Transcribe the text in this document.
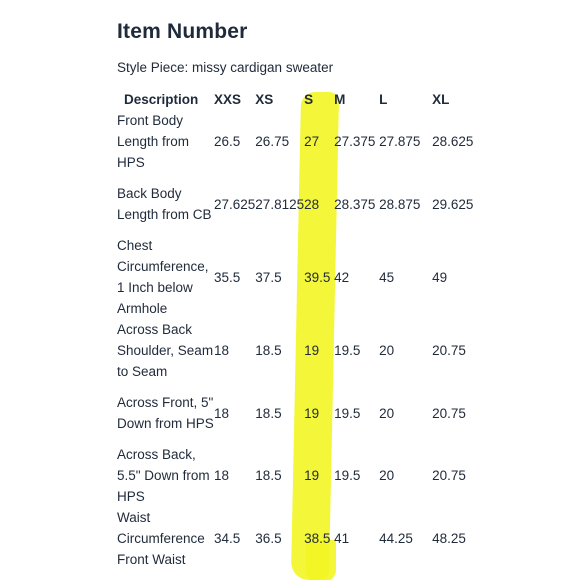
Item Number
Style Piece: missy cardigan sweater
Description	XXS	XS	S	M	L	XL
Front Body Length from HPS	26.5	26.75	27	27.375	27.875	28.625
Back Body Length from CB	27.625	27.8125	28	28.375	28.875	29.625
Chest Circumference, 1 Inch below Armhole	35.5	37.5	39.5	42	45	49
Across Back Shoulder, Seam to Seam	18	18.5	19	19.5	20	20.75
Across Front, 5" Down from HPS	18	18.5	19	19.5	20	20.75
Across Back, 5.5" Down from HPS	18	18.5	19	19.5	20	20.75
Waist Circumference Front Waist	34.5	36.5	38.5	41	44.25	48.25
